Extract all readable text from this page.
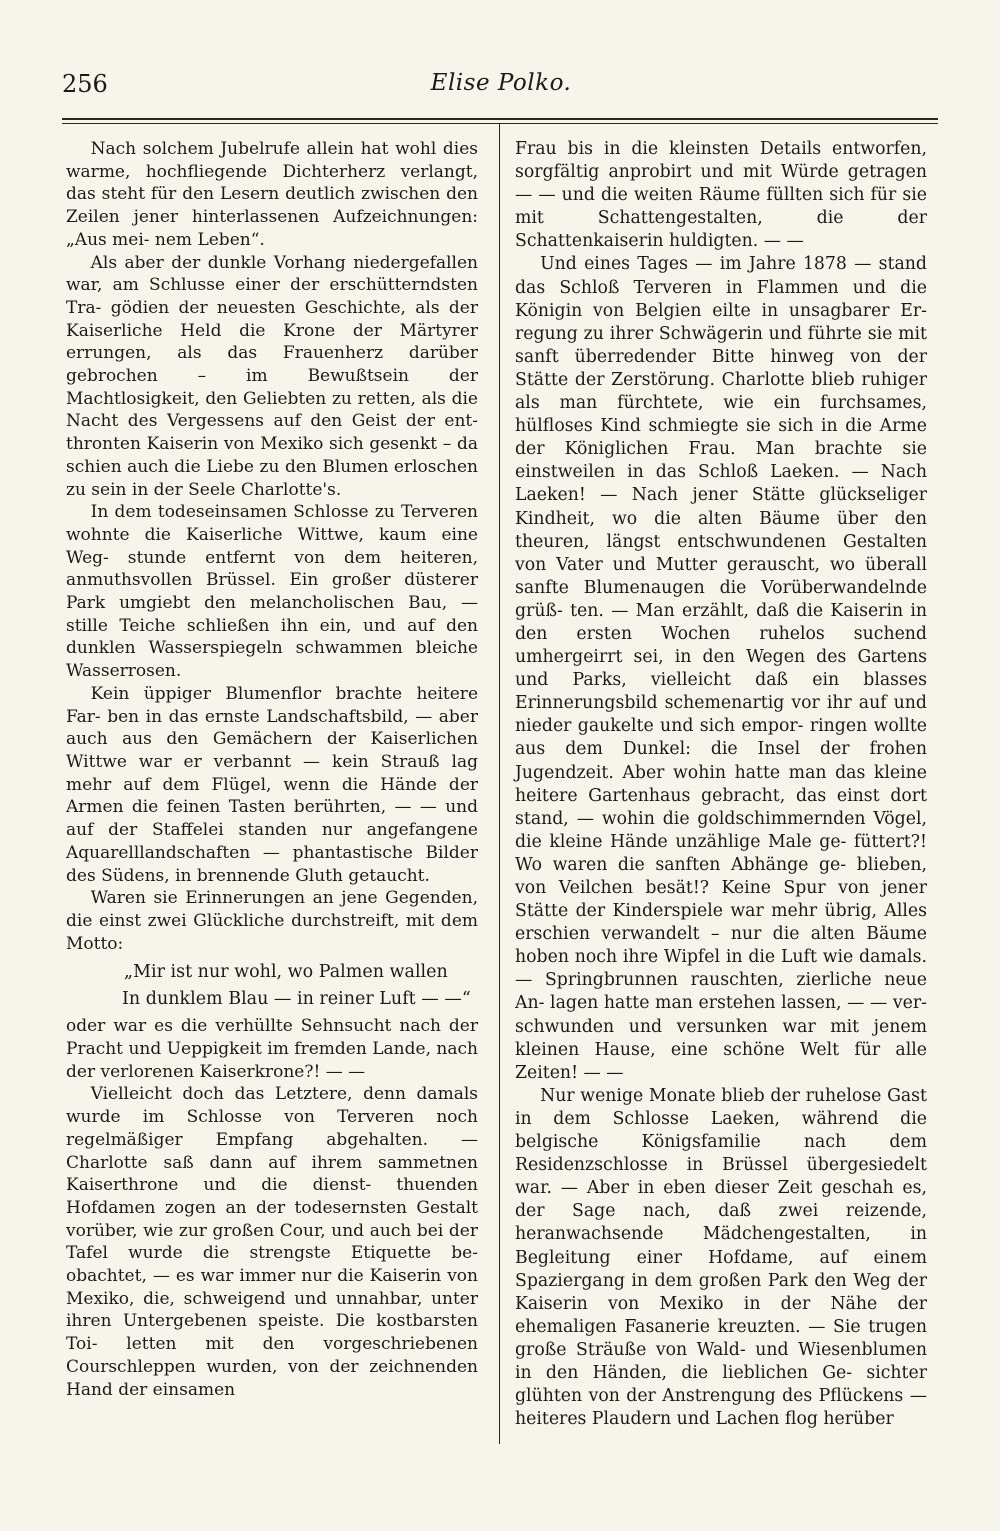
256	Elise Polko.

Nach solchem Jubelrufe allein hat wohl dies warme, hochfliegende Dichterherz verlangt, das steht für den Lesern deutlich zwischen den Zeilen jener hinterlassenen Aufzeichnungen: „Aus mei- nem Leben“.

Als aber der dunkle Vorhang niedergefallen war, am Schlusse einer der erschütterndsten Tra- gödien der neuesten Geschichte, als der Kaiserliche Held die Krone der Märtyrer errungen, als das Frauenherz darüber gebrochen – im Bewußtsein der Machtlosigkeit, den Geliebten zu retten, als die Nacht des Vergessens auf den Geist der ent- thronten Kaiserin von Mexiko sich gesenkt – da schien auch die Liebe zu den Blumen erloschen zu sein in der Seele Charlotte's.

In dem todeseinsamen Schlosse zu Terveren wohnte die Kaiserliche Wittwe, kaum eine Weg- stunde entfernt von dem heiteren, anmuthsvollen Brüssel. Ein großer düsterer Park umgiebt den melancholischen Bau, — stille Teiche schließen ihn ein, und auf den dunklen Wasserspiegeln schwammen bleiche Wasserrosen.

Kein üppiger Blumenflor brachte heitere Far- ben in das ernste Landschaftsbild, — aber auch aus den Gemächern der Kaiserlichen Wittwe war er verbannt — kein Strauß lag mehr auf dem Flügel, wenn die Hände der Armen die feinen Tasten berührten, — — und auf der Staffelei standen nur angefangene Aquarelllandschaften — phantastische Bilder des Südens, in brennende Gluth getaucht.

Waren sie Erinnerungen an jene Gegenden, die einst zwei Glückliche durchstreift, mit dem Motto:

„Mir ist nur wohl, wo Palmen wallen
In dunklem Blau — in reiner Luft — —“

oder war es die verhüllte Sehnsucht nach der Pracht und Ueppigkeit im fremden Lande, nach der verlorenen Kaiserkrone?! — —

Vielleicht doch das Letztere, denn damals wurde im Schlosse von Terveren noch regelmäßiger Empfang abgehalten. — Charlotte saß dann auf ihrem sammetnen Kaiserthrone und die dienst- thuenden Hofdamen zogen an der todesernsten Gestalt vorüber, wie zur großen Cour, und auch bei der Tafel wurde die strengste Etiquette be- obachtet, — es war immer nur die Kaiserin von Mexiko, die, schweigend und unnahbar, unter ihren Untergebenen speiste. Die kostbarsten Toi- letten mit den vorgeschriebenen Courschleppen wurden, von der zeichnenden Hand der einsamen

Frau bis in die kleinsten Details entworfen, sorgfältig anprobirt und mit Würde getragen — — und die weiten Räume füllten sich für sie mit Schattengestalten, die der Schattenkaiserin huldigten. — —

Und eines Tages — im Jahre 1878 — stand das Schloß Terveren in Flammen und die Königin von Belgien eilte in unsagbarer Er- regung zu ihrer Schwägerin und führte sie mit sanft überredender Bitte hinweg von der Stätte der Zerstörung. Charlotte blieb ruhiger als man fürchtete, wie ein furchsames, hülfloses Kind schmiegte sie sich in die Arme der Königlichen Frau. Man brachte sie einstweilen in das Schloß Laeken. — Nach Laeken! — Nach jener Stätte glückseliger Kindheit, wo die alten Bäume über den theuren, längst entschwundenen Gestalten von Vater und Mutter gerauscht, wo überall sanfte Blumenaugen die Vorüberwandelnde grüß- ten. — Man erzählt, daß die Kaiserin in den ersten Wochen ruhelos suchend umhergeirrt sei, in den Wegen des Gartens und Parks, vielleicht daß ein blasses Erinnerungsbild schemenartig vor ihr auf und nieder gaukelte und sich empor- ringen wollte aus dem Dunkel: die Insel der frohen Jugendzeit. Aber wohin hatte man das kleine heitere Gartenhaus gebracht, das einst dort stand, — wohin die goldschimmernden Vögel, die kleine Hände unzählige Male ge- füttert?! Wo waren die sanften Abhänge ge- blieben, von Veilchen besät!? Keine Spur von jener Stätte der Kinderspiele war mehr übrig, Alles erschien verwandelt – nur die alten Bäume hoben noch ihre Wipfel in die Luft wie damals. — Springbrunnen rauschten, zierliche neue An- lagen hatte man erstehen lassen, — — ver- schwunden und versunken war mit jenem kleinen Hause, eine schöne Welt für alle Zeiten! — —

Nur wenige Monate blieb der ruhelose Gast in dem Schlosse Laeken, während die belgische Königsfamilie nach dem Residenzschlosse in Brüssel übergesiedelt war. — Aber in eben dieser Zeit geschah es, der Sage nach, daß zwei reizende, heranwachsende Mädchengestalten, in Begleitung einer Hofdame, auf einem Spaziergang in dem großen Park den Weg der Kaiserin von Mexiko in der Nähe der ehemaligen Fasanerie kreuzten. — Sie trugen große Sträuße von Wald- und Wiesenblumen in den Händen, die lieblichen Ge- sichter glühten von der Anstrengung des Pflückens — heiteres Plaudern und Lachen flog herüber
